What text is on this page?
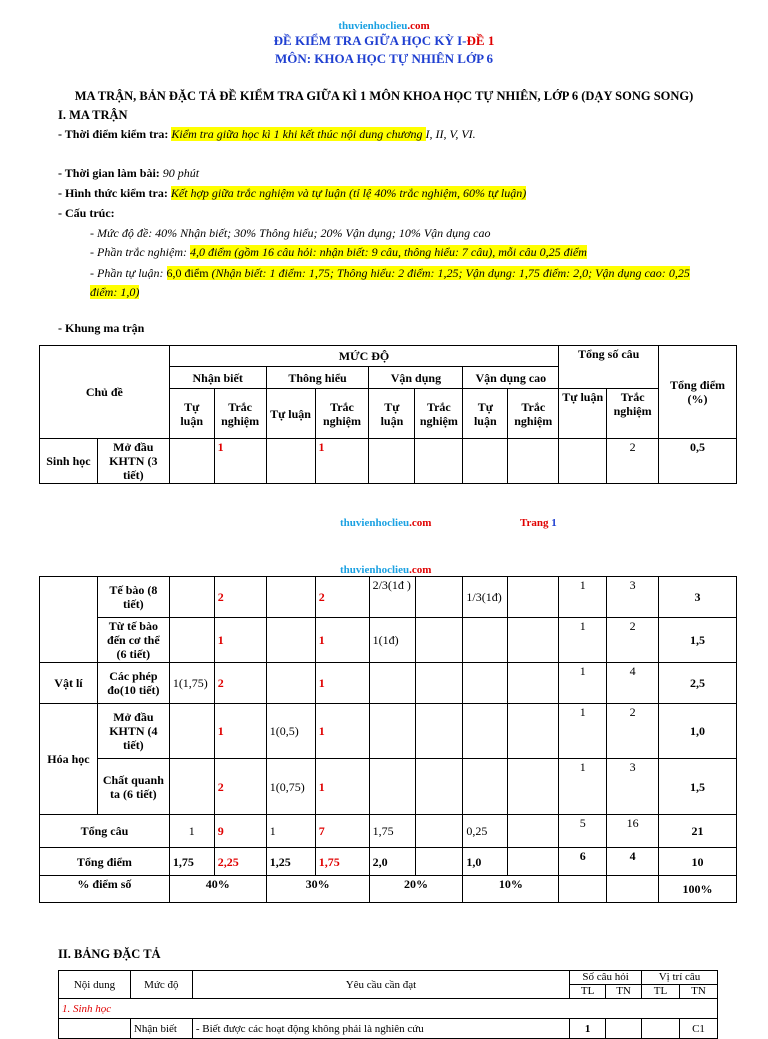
thuvienhoclieu.com
ĐỀ KIỂM TRA GIỮA HỌC KỲ I-ĐỀ 1
MÔN: KHOA HỌC TỰ NHIÊN LỚP 6
MA TRẬN, BẢN ĐẶC TẢ ĐỀ KIỂM TRA GIỮA KÌ 1 MÔN KHOA HỌC TỰ NHIÊN, LỚP 6 (DẠY SONG SONG)
I. MA TRẬN
- Thời điểm kiểm tra: Kiểm tra giữa học kì 1 khi kết thúc nội dung chương I, II, V, VI.
- Thời gian làm bài: 90 phút
- Hình thức kiểm tra: Kết hợp giữa trắc nghiệm và tự luận (tỉ lệ 40% trắc nghiệm, 60% tự luận)
- Cấu trúc:
- Mức độ đề: 40% Nhận biết; 30% Thông hiểu; 20% Vận dụng; 10% Vận dụng cao
- Phần trắc nghiệm: 4,0 điểm (gồm 16 câu hỏi: nhận biết: 9 câu, thông hiểu: 7 câu), mỗi câu 0,25 điểm
- Phần tự luận: 6,0 điểm (Nhận biết: 1 điểm: 1,75; Thông hiểu: 2 điểm: 1,25; Vận dụng: 1,75 điểm: 2,0; Vận dụng cao: 0,25 điểm: 1,0)
- Khung ma trận
Chủ đề		MỨC ĐỘ								Tổng số câu		Tổng điểm (%)
		Nhận biết		Thông hiểu		Vận dụng		Vận dụng cao				
		Tự luận	Trắc nghiệm	Tự luận	Trắc nghiệm	Tự luận	Trắc nghiệm	Tự luận	Trắc nghiệm	Tự luận	Trắc nghiệm	
Sinh học	Mở đầu KHTN (3 tiết)		1		1						2	0,5
thuvienhoclieu.com	Trang 1
thuvienhoclieu.com
	Tế bào (8 tiết)		2		2	2/3(1đ )		1/3(1đ)		1	3	3
	Từ tế bào đến cơ thể (6 tiết)		1		1	1(1đ)				1	2	1,5
Vật lí	Các phép đo(10 tiết)	1(1,75)	2		1					1	4	2,5
Hóa học	Mở đầu KHTN (4 tiết)		1	1(0,5)	1					1	2	1,0
	Chất quanh ta (6 tiết)		2	1(0,75)	1					1	3	1,5
Tổng câu		1	9	1	7	1,75		0,25		5	16	21
Tổng điểm		1,75	2,25	1,25	1,75	2,0		1,0		6	4	10
% điểm số		40%		30%		20%		10%				100%
II. BẢNG ĐẶC TẢ
Nội dung	Mức độ	Yêu cầu cần đạt	Số câu hỏi		Vị trí câu	
			TL	TN	TL	TN
1. Sinh học						
	Nhận biết	- Biết được các hoạt động không phải là nghiên cứu	1			C1
